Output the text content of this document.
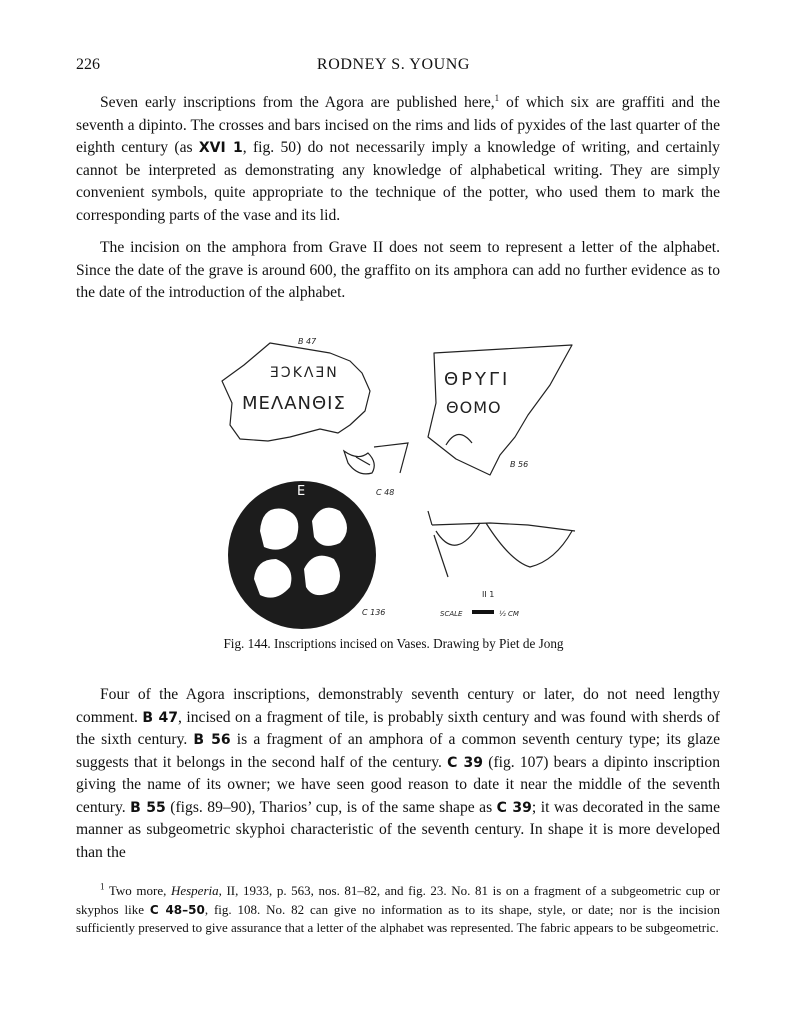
226	RODNEY S. YOUNG

Seven early inscriptions from the Agora are published here,$^1$ of which six are graffiti and the seventh a dipinto. The crosses and bars incised on the rims and lids of pyxides of the last quarter of the eighth century (as XVI 1, fig. 50) do not necessarily imply a knowledge of writing, and certainly cannot be interpreted as demonstrating any knowledge of alphabetical writing. They are simply convenient symbols, quite appropriate to the technique of the potter, who used them to mark the corresponding parts of the vase and its lid.

The incision on the amphora from Grave II does not seem to represent a letter of the alphabet. Since the date of the grave is around 600, the graffito on its amphora can add no further evidence as to the date of the introduction of the alphabet.

B 47
ƎƆΚΛƎΝ
ΜΕΛΑΝΘΙΣ
C 48
ΘΡΥΓΙ
ΘΟΜΟ
B 56
E
C 136
II 1
SCALE	½ CM
Fig. 144. Inscriptions incised on Vases. Drawing by Piet de Jong

Four of the Agora inscriptions, demonstrably seventh century or later, do not need lengthy comment. B 47, incised on a fragment of tile, is probably sixth century and was found with sherds of the sixth century. B 56 is a fragment of an amphora of a common seventh century type; its glaze suggests that it belongs in the second half of the century. C 39 (fig. 107) bears a dipinto inscription giving the name of its owner; we have seen good reason to date it near the middle of the seventh century. B 55 (figs. 89–90), Tharios’ cup, is of the same shape as C 39; it was decorated in the same manner as subgeometric skyphoi characteristic of the seventh century. In shape it is more developed than the

$^1$ Two more, Hesperia, II, 1933, p. 563, nos. 81–82, and fig. 23. No. 81 is on a fragment of a subgeometric cup or skyphos like C 48–50, fig. 108. No. 82 can give no information as to its shape, style, or date; nor is the incision sufficiently preserved to give assurance that a letter of the alphabet was represented. The fabric appears to be subgeometric.
